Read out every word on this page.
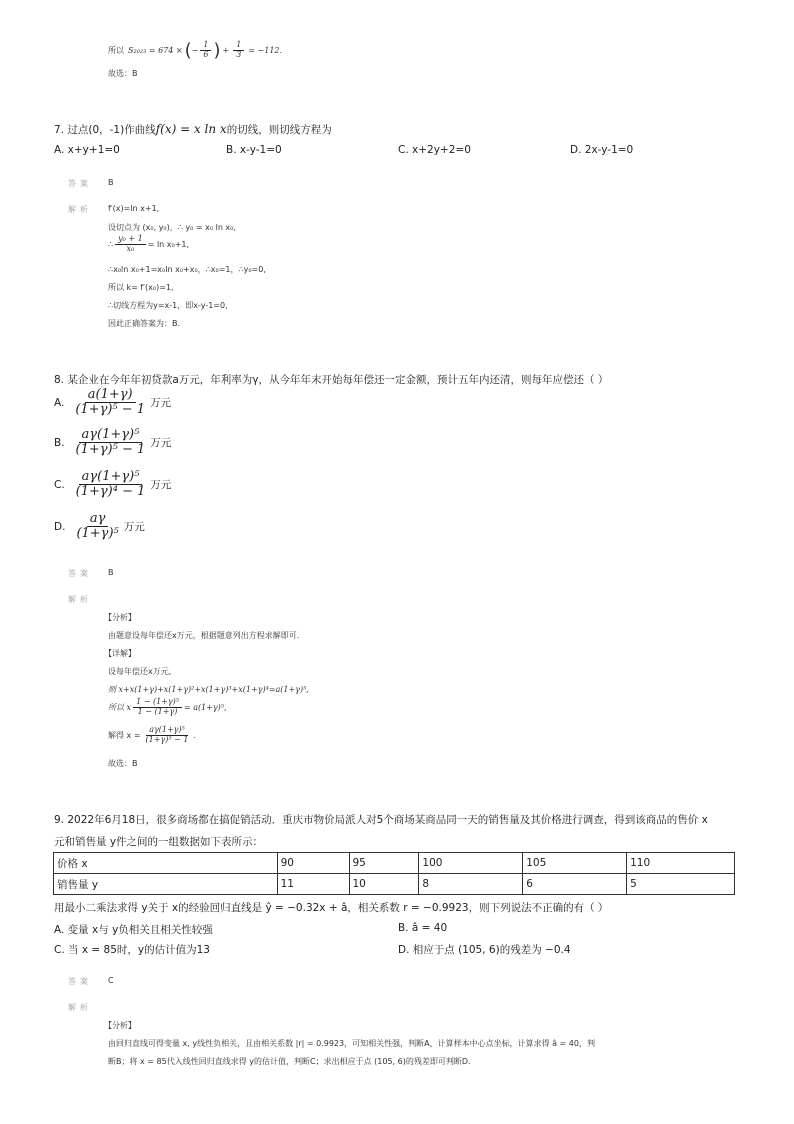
所以 S₂₀₂₃ = 674 × ( − $\frac{1}{6}$ ) + $\frac{1}{3} = -112$.
故选：B
7. 过点(0，-1)作曲线f(x) = x ln x的切线，则切线方程为
A. x+y+1=0	B. x-y-1=0	C. x+2y+2=0	D. 2x-y-1=0
答案 B
解析 f′(x)=ln x+1,
设切点为 (x₀, y₀)，∴ y₀ = x₀ ln x₀,
∴ $\frac{\text{y₀ + 1}}{\text{x₀}} = \ln x_0+1$,
∴x₀ln x₀+1=x₀ln x₀+x₀，∴x₀=1，∴y₀=0,
所以 k= f′(x₀)=1,
∴切线方程为y=x-1，即x-y-1=0,
因此正确答案为：B.
8. 某企业在今年年初贷款a万元，年利率为γ，从今年年末开始每年偿还一定金额，预计五年内还清，则每年应偿还（ ）
A. $\frac{a(1+\gamma)}{\text{(1+γ)⁵ − 1}}$ 万元
B. $\frac{\text{aγ(1+γ)⁵}}{\text{(1+γ)⁵ − 1}}$ 万元
C. $\frac{\text{aγ(1+γ)⁵}}{\text{(1+γ)⁴ − 1}}$ 万元
D. $\frac{a\gamma}{\text{(1+γ)⁵}}$ 万元
答案 B
解析
【分析】
由题意设每年偿还x万元，根据题意列出方程求解即可.
【详解】
设每年偿还x万元,
则 x+x(1+γ)+x(1+γ)²+x(1+γ)³+x(1+γ)⁴=a(1+γ)⁵,
所以 x $\frac{\text{1 − (1+γ)⁵}}{1 - (1+\gamma)} = a(1+\gamma)^5$,
解得 $x = \frac{\text{aγ(1+γ)⁵}}{\text{(1+γ)⁵ − 1}}$ .
故选：B
9. 2022年6月18日，很多商场都在搞促销活动．重庆市物价局派人对5个商场某商品同一天的销售量及其价格进行调查，得到该商品的售价 x
元和销售量 y件之间的一组数据如下表所示：
价格 x	90	95	100	105	110
销售量 y	11	10	8	6	5
用最小二乘法求得 y关于 x的经验回归直线是 ŷ = −0.32x + â，相关系数 r = −0.9923，则下列说法不正确的有（ ）
A. 变量 x与 y负相关且相关性较强	B. â = 40
C. 当 x = 85时，y的估计值为13	D. 相应于点 (105, 6)的残差为 −0.4
答案 C
解析
【分析】
由回归直线可得变量 x, y线性负相关，且由相关系数 |r| = 0.9923，可知相关性强，判断A，计算样本中心点坐标，计算求得 â = 40，判
断B；将 x = 85代入线性回归直线求得 y的估计值，判断C；求出相应于点 (105, 6)的残差即可判断D.
